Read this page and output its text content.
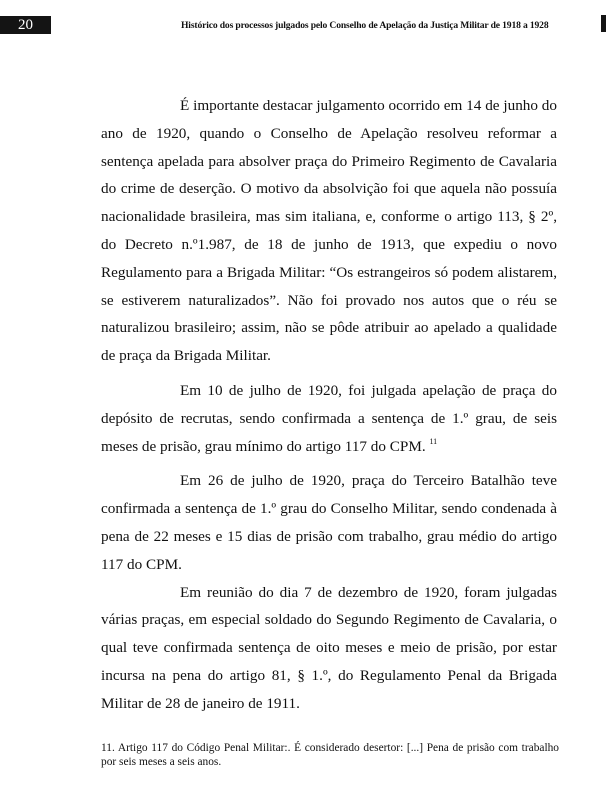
20	Histórico dos processos julgados pelo Conselho de Apelação da Justiça Militar de 1918 a 1928

É importante destacar julgamento ocorrido em 14 de junho do ano de 1920, quando o Conselho de Apelação resolveu reformar a sentença apelada para absolver praça do Primeiro Regimento de Cavalaria do crime de deserção. O motivo da absolvição foi que aquela não possuía nacionalidade brasileira, mas sim italiana, e, conforme o artigo 113, § 2º, do Decreto n.º1.987, de 18 de junho de 1913, que expediu o novo Regulamento para a Brigada Militar: “Os estrangeiros só podem alistarem, se estiverem naturalizados”. Não foi provado nos autos que o réu se naturalizou brasileiro; assim, não se pôde atribuir ao apelado a qualidade de praça da Brigada Militar.

Em 10 de julho de 1920, foi julgada apelação de praça do depósito de recrutas, sendo confirmada a sentença de 1.º grau, de seis meses de prisão, grau mínimo do artigo 117 do CPM. $^{11}$

Em 26 de julho de 1920, praça do Terceiro Batalhão teve confirmada a sentença de 1.º grau do Conselho Militar, sendo condenada à pena de 22 meses e 15 dias de prisão com trabalho, grau médio do artigo 117 do CPM.

Em reunião do dia 7 de dezembro de 1920, foram julgadas várias praças, em especial soldado do Segundo Regimento de Cavalaria, o qual teve confirmada sentença de oito meses e meio de prisão, por estar incursa na pena do artigo 81, § 1.º, do Regulamento Penal da Brigada Militar de 28 de janeiro de 1911.

11. Artigo 117 do Código Penal Militar:. É considerado desertor: [...] Pena de prisão com trabalho por seis meses a seis anos.
